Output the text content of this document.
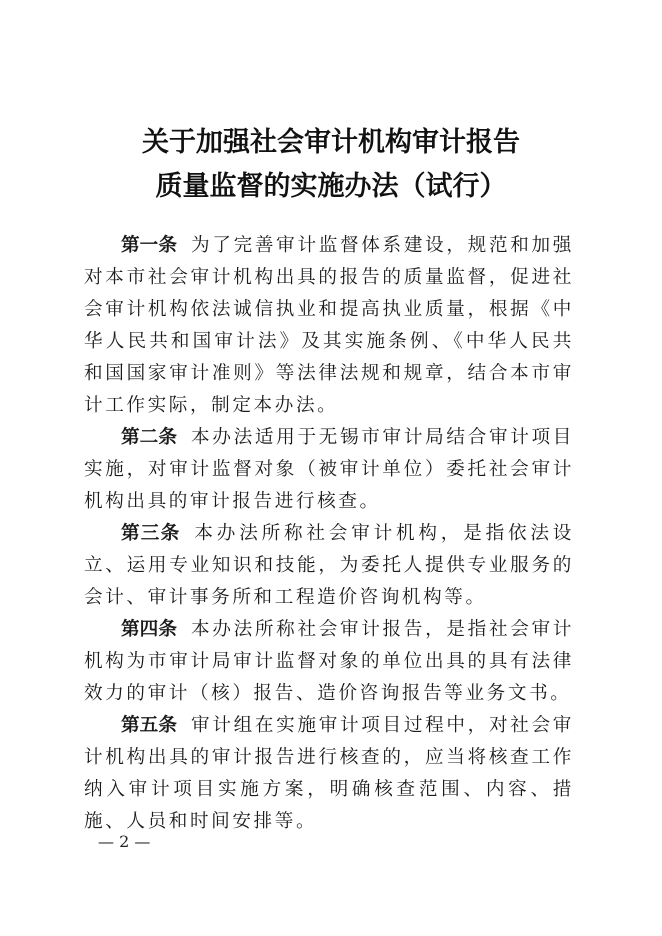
关于加强社会审计机构审计报告
质量监督的实施办法（试行）

第一条 为了完善审计监督体系建设，规范和加强对本市社会审计机构出具的报告的质量监督，促进社会审计机构依法诚信执业和提高执业质量，根据《中华人民共和国审计法》及其实施条例、《中华人民共和国国家审计准则》等法律法规和规章，结合本市审计工作实际，制定本办法。

第二条 本办法适用于无锡市审计局结合审计项目实施，对审计监督对象（被审计单位）委托社会审计机构出具的审计报告进行核查。

第三条 本办法所称社会审计机构，是指依法设立、运用专业知识和技能，为委托人提供专业服务的会计、审计事务所和工程造价咨询机构等。

第四条 本办法所称社会审计报告，是指社会审计机构为市审计局审计监督对象的单位出具的具有法律效力的审计（核）报告、造价咨询报告等业务文书。

第五条 审计组在实施审计项目过程中，对社会审计机构出具的审计报告进行核查的，应当将核查工作纳入审计项目实施方案，明确核查范围、内容、措施、人员和时间安排等。

— 2 —
